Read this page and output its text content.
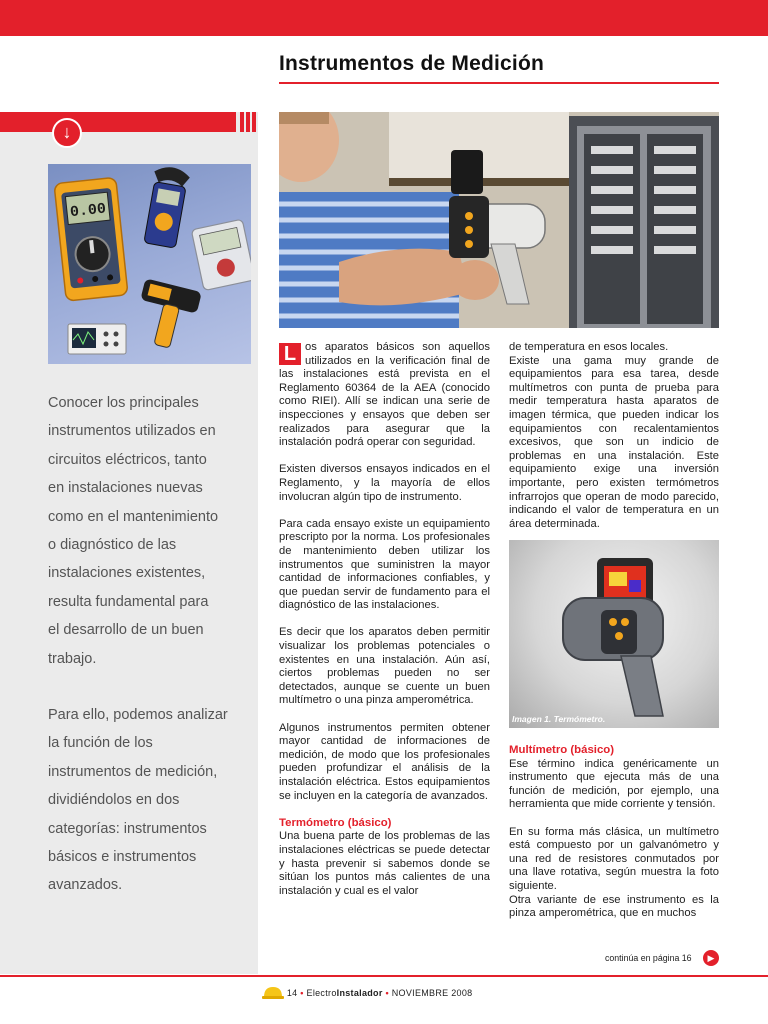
Instrumentos de Medición
↓
0.00
Conocer los principales
instrumentos utilizados en
circuitos eléctricos, tanto
en instalaciones nuevas
como en el mantenimiento
o diagnóstico de las
instalaciones existentes,
resulta fundamental para
el desarrollo de un buen
trabajo.
Para ello, podemos analizar
la función de los
instrumentos de medición,
dividiéndolos en dos
categorías: instrumentos
básicos e instrumentos
avanzados.

L os aparatos básicos son aquellos utilizados en la verificación final de las instalaciones está prevista en el Reglamento 60364 de la AEA (conocido como RIEI). Allí se indican una serie de inspecciones y ensayos que deben ser realizados para asegurar que la instalación podrá operar con seguridad.

Existen diversos ensayos indicados en el Reglamento, y la mayoría de ellos involucran algún tipo de instrumento.

Para cada ensayo existe un equipamiento prescripto por la norma. Los profesionales de mantenimiento deben utilizar los instrumentos que suministren la mayor cantidad de informaciones confiables, y que puedan servir de fundamento para el diagnóstico de las instalaciones.

Es decir que los aparatos deben permitir visualizar los problemas potenciales o existentes en una instalación. Aún así, ciertos problemas pueden no ser detectados, aunque se cuente un buen multímetro o una pinza amperométrica.

Algunos instrumentos permiten obtener mayor cantidad de informaciones de medición, de modo que los profesionales pueden profundizar el análisis de la instalación eléctrica. Estos equipamientos se incluyen en la categoría de avanzados.

Termómetro (básico)

Una buena parte de los problemas de las instalaciones eléctricas se puede detectar y hasta prevenir si sabemos donde se sitúan los puntos más calientes de una instalación y cual es el valor

de temperatura en esos locales.

Existe una gama muy grande de equipamientos para esa tarea, desde multímetros con punta de prueba para medir temperatura hasta aparatos de imagen térmica, que pueden indicar los equipamientos con recalentamientos excesivos, que son un indicio de problemas en una instalación. Este equipamiento exige una inversión importante, pero existen termómetros infrarrojos que operan de modo parecido, indicando el valor de temperatura en un área determinada.

Imagen 1. Termómetro.

Multímetro (básico)

Ese término indica genéricamente un instrumento que ejecuta más de una función de medición, por ejemplo, una herramienta que mide corriente y tensión.

En su forma más clásica, un multímetro está compuesto por un galvanómetro y una red de resistores conmutados por una llave rotativa, según muestra la foto siguiente.

Otra variante de ese instrumento es la pinza amperométrica, que en muchos

continúa en página 16	▶
14 • ElectroInstalador • NOVIEMBRE 2008
